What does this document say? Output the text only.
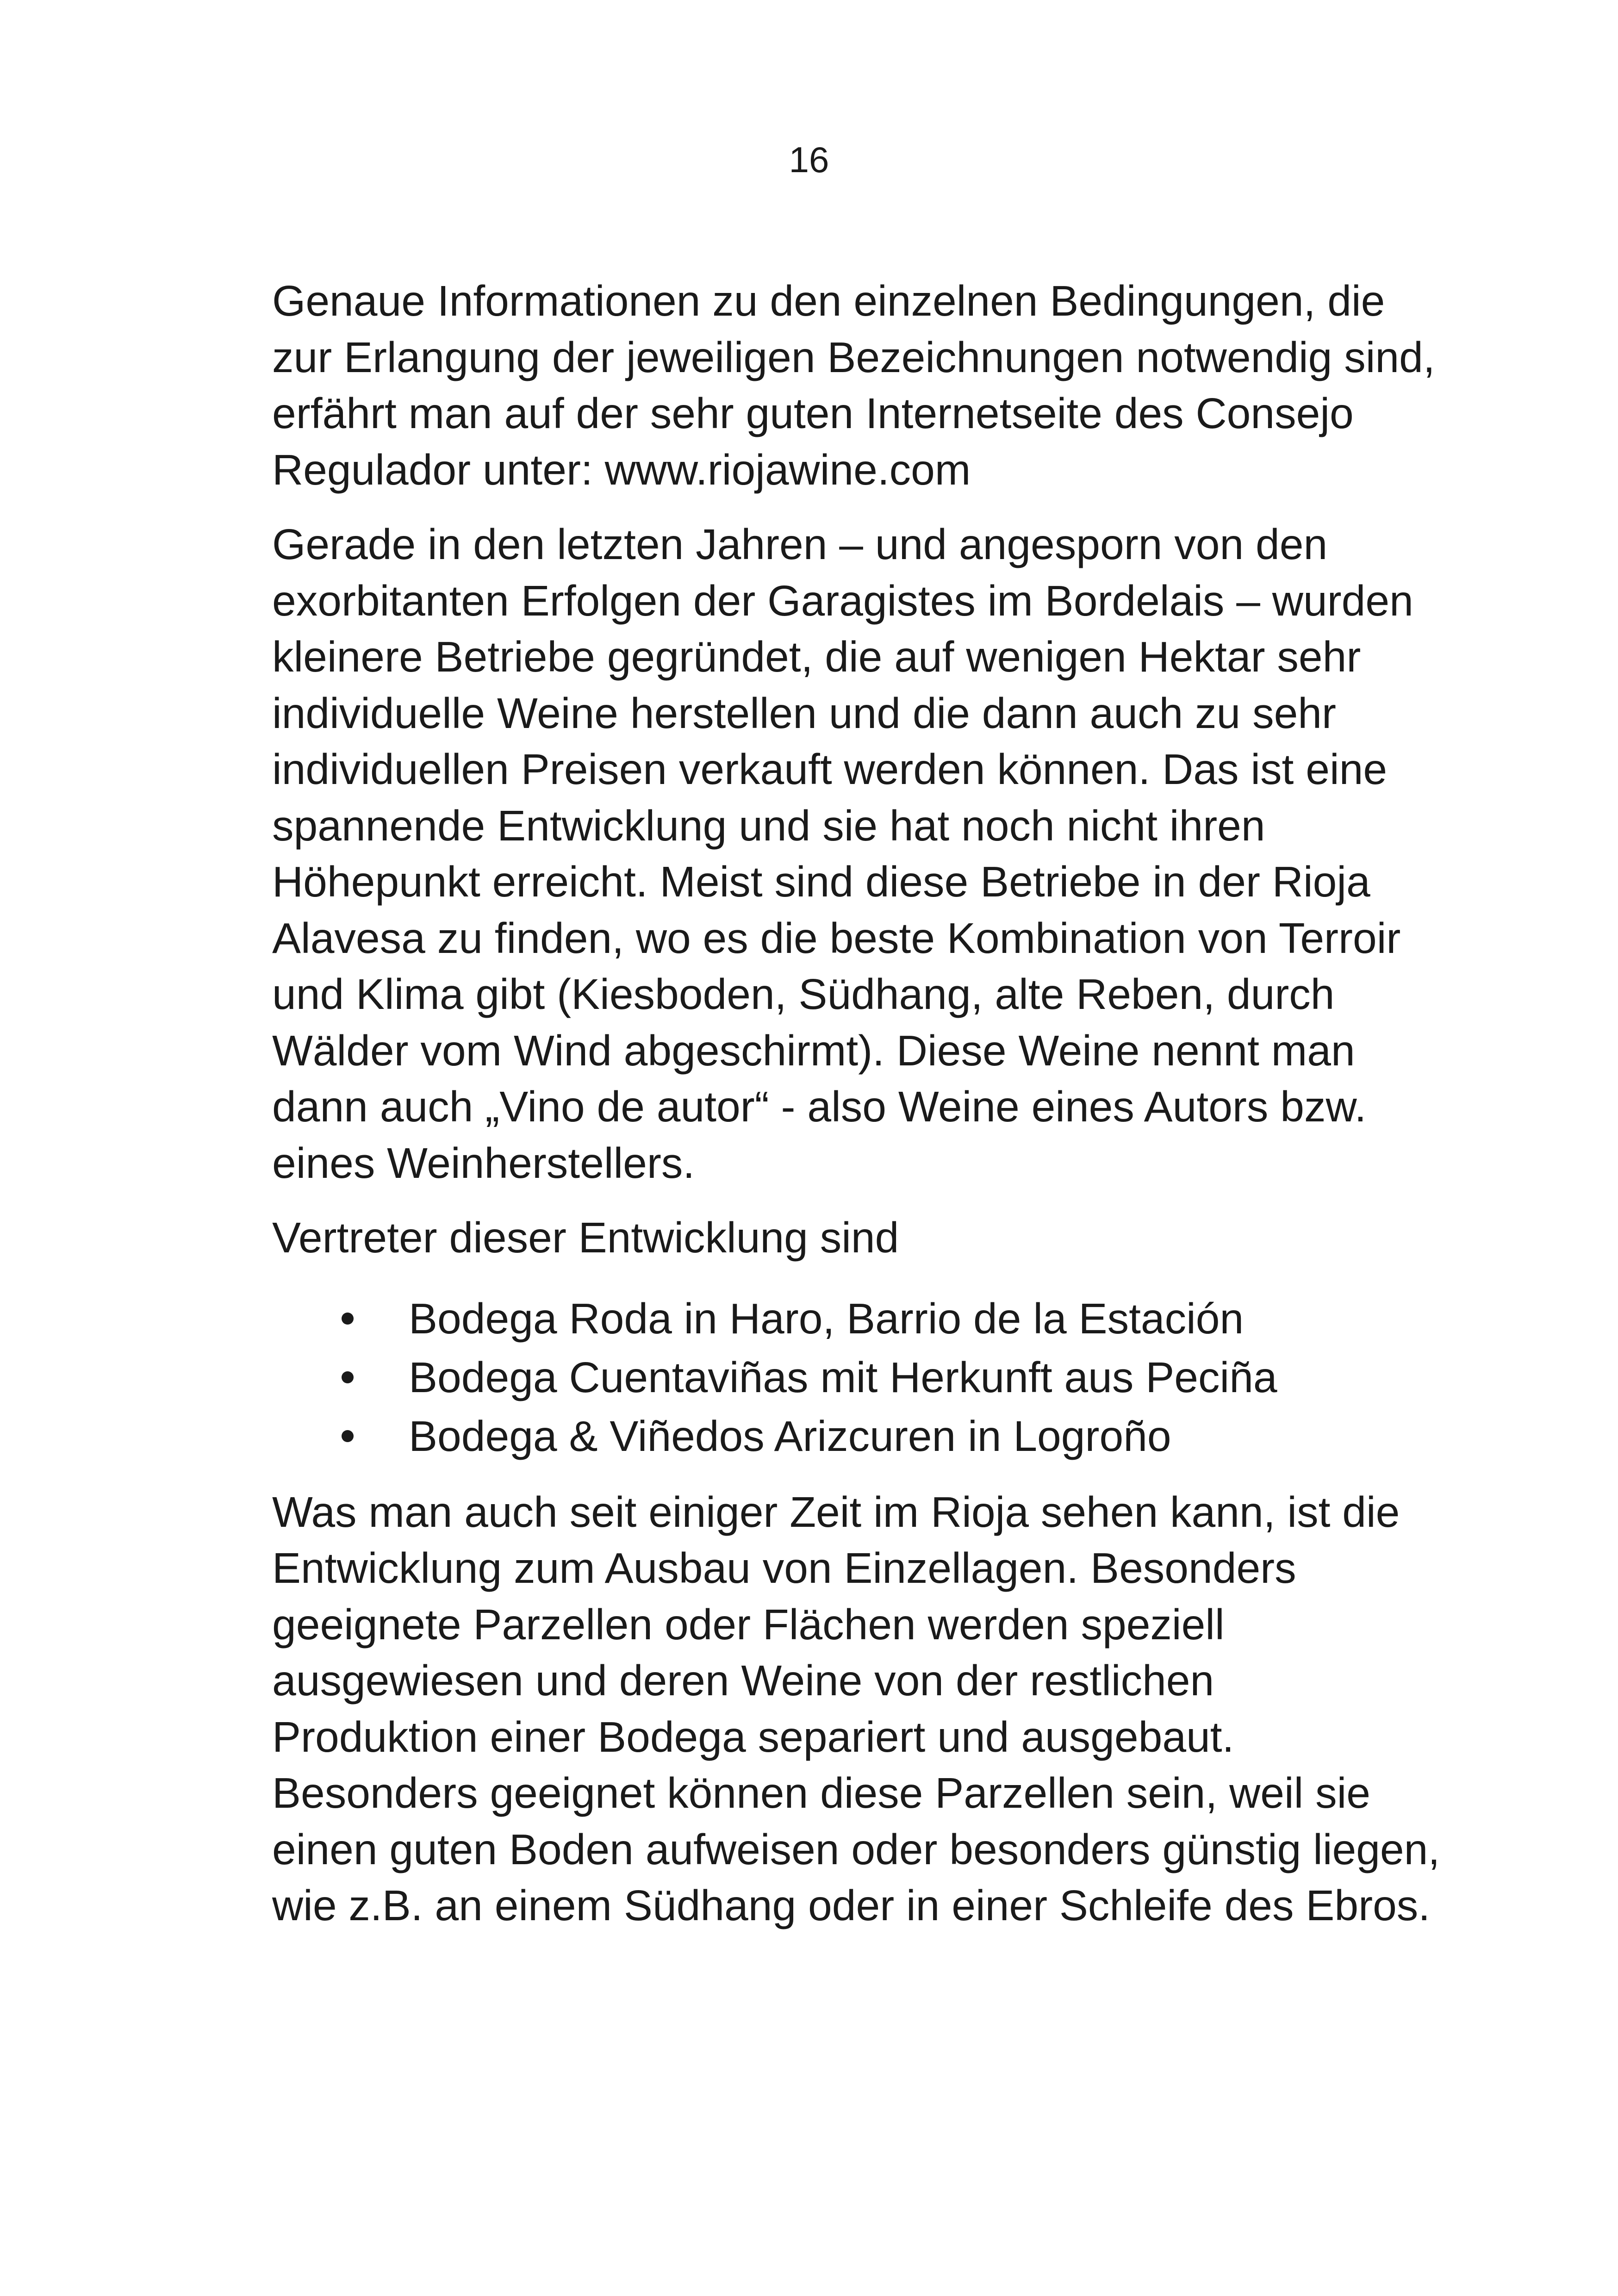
16

Genaue Informationen zu den einzelnen Bedingungen, die
zur Erlangung der jeweiligen Bezeichnungen notwendig sind,
erfährt man auf der sehr guten Internetseite des Consejo
Regulador unter: www.riojawine.com

Gerade in den letzten Jahren – und angesporn von den
exorbitanten Erfolgen der Garagistes im Bordelais – wurden
kleinere Betriebe gegründet, die auf wenigen Hektar sehr
individuelle Weine herstellen und die dann auch zu sehr
individuellen Preisen verkauft werden können. Das ist eine
spannende Entwicklung und sie hat noch nicht ihren
Höhepunkt erreicht. Meist sind diese Betriebe in der Rioja
Alavesa zu finden, wo es die beste Kombination von Terroir
und Klima gibt (Kiesboden, Südhang, alte Reben, durch
Wälder vom Wind abgeschirmt). Diese Weine nennt man
dann auch „Vino de autor“ - also Weine eines Autors bzw.
eines Weinherstellers.

Vertreter dieser Entwicklung sind

Bodega Roda in Haro, Barrio de la Estación
Bodega Cuentaviñas mit Herkunft aus Peciña
Bodega & Viñedos Arizcuren in Logroño

Was man auch seit einiger Zeit im Rioja sehen kann, ist die
Entwicklung zum Ausbau von Einzellagen. Besonders
geeignete Parzellen oder Flächen werden speziell
ausgewiesen und deren Weine von der restlichen
Produktion einer Bodega separiert und ausgebaut.
Besonders geeignet können diese Parzellen sein, weil sie
einen guten Boden aufweisen oder besonders günstig liegen,
wie z.B. an einem Südhang oder in einer Schleife des Ebros.
